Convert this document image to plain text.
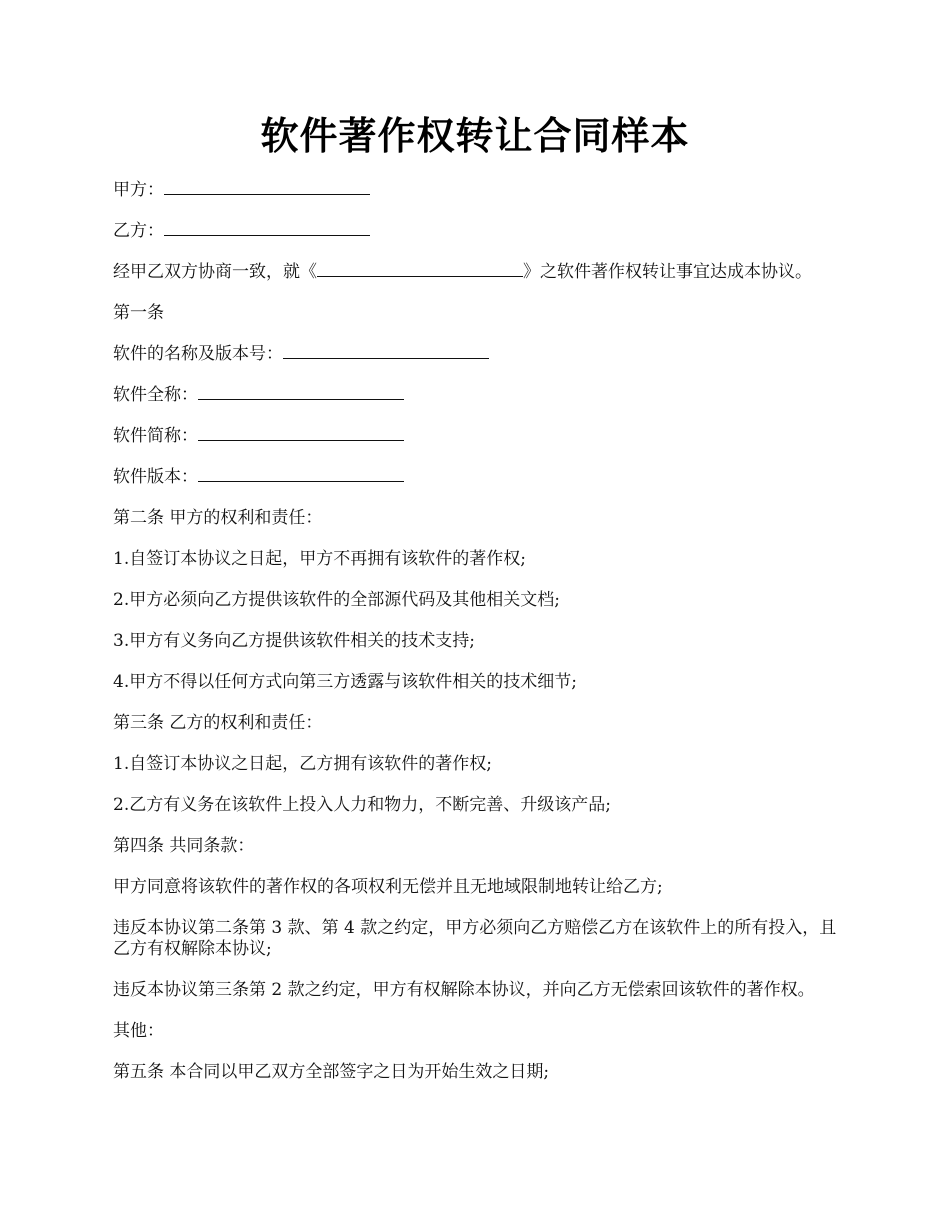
软件著作权转让合同样本
甲方：
乙方：
经甲乙双方协商一致，就《	》之软件著作权转让事宜达成本协议。
第一条
软件的名称及版本号：
软件全称：
软件简称：
软件版本：
第二条 甲方的权利和责任：
1.自签订本协议之日起，甲方不再拥有该软件的著作权;
2.甲方必须向乙方提供该软件的全部源代码及其他相关文档;
3.甲方有义务向乙方提供该软件相关的技术支持;
4.甲方不得以任何方式向第三方透露与该软件相关的技术细节;
第三条 乙方的权利和责任：
1.自签订本协议之日起，乙方拥有该软件的著作权;
2.乙方有义务在该软件上投入人力和物力，不断完善、升级该产品;
第四条 共同条款：
甲方同意将该软件的著作权的各项权利无偿并且无地域限制地转让给乙方;
违反本协议第二条第 3 款、第 4 款之约定，甲方必须向乙方赔偿乙方在该软件上的所有投入，且乙方有权解除本协议;
违反本协议第三条第 2 款之约定，甲方有权解除本协议，并向乙方无偿索回该软件的著作权。
其他：
第五条 本合同以甲乙双方全部签字之日为开始生效之日期;
